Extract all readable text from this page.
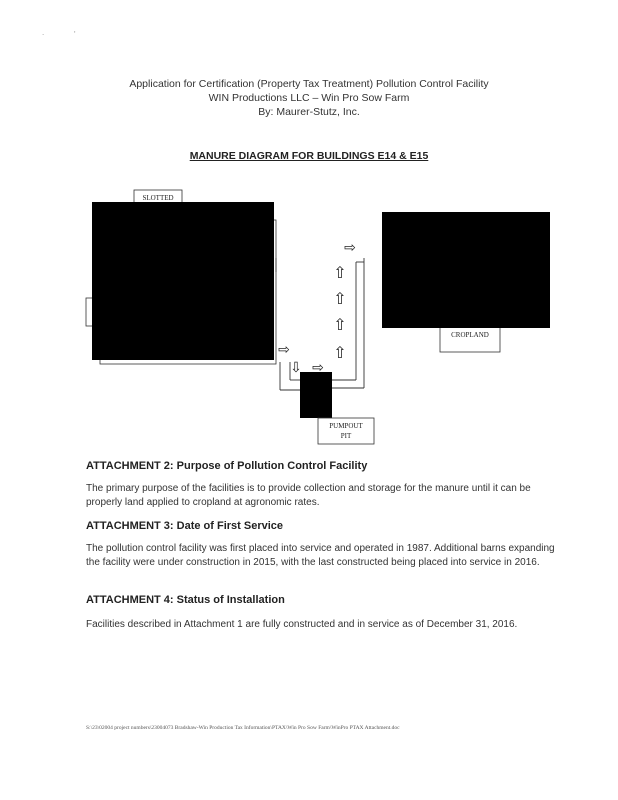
.	'
Application for Certification (Property Tax Treatment) Pollution Control Facility
WIN Productions LLC – Win Pro Sow Farm
By: Maurer-Stutz, Inc.
MANURE DIAGRAM FOR BUILDINGS E14 & E15
SLOTTED
PUMPOUT
PIT
CROPLAND
⇨
⇧
⇧
⇧
⇧
⇨
⇩ ⇨
ATTACHMENT 2: Purpose of Pollution Control Facility
The primary purpose of the facilities is to provide collection and storage for the manure until it can be properly land applied to cropland at agronomic rates.
ATTACHMENT 3: Date of First Service
The pollution control facility was first placed into service and operated in 1987. Additional barns expanding the facility were under construction in 2015, with the last constructed being placed into service in 2016.
ATTACHMENT 4: Status of Installation
Facilities described in Attachment 1 are fully constructed and in service as of December 31, 2016.
S:\23\02004 project numbers\23004073 Bradshaw-Win Production Tax Information\PTAX\Win Pro Sow Farm\WinPro PTAX Attachment.doc
